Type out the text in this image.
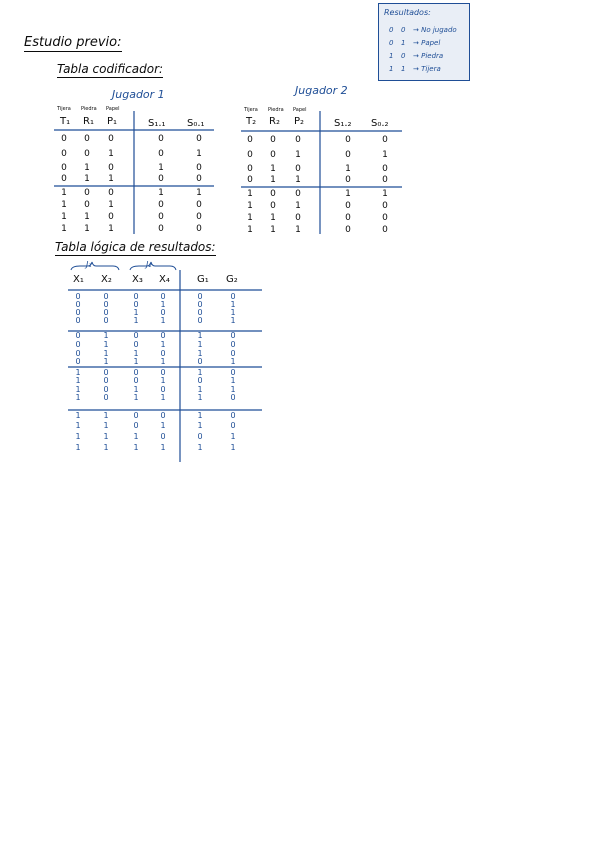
Estudio previo:
Tabla codificador:
Tabla lógica de resultados:
Resultados:
0 0 → No jugado
0 1 → Papel
1 0 → Piedra
1 1 → Tijera
Jugador 1
Tijera Piedra Papel
T₁ R₁ P₁	S₁.₁ S₀.₁
0	0	0	0	0
0	0	1	0	1
0	1	0	1	0
0	1	1	0	0
1	0	0	1	1
1	0	1	0	0
1	1	0	0	0
1	1	1	0	0
Jugador 2
Tijera Piedra Papel
T₂ R₂ P₂	S₁.₂ S₀.₂
0	0	0	0	0
0	0	1	0	1
0	1	0	1	0
0	1	1	0	0
1	0	0	1	1
1	0	1	0	0
1	1	0	0	0
1	1	1	0	0
J₁	J₂
X₁ X₂ X₃ X₄	G₁ G₂
0	0	0	0	0	0
0	0	0	1	0	1
0	0	1	0	0	1
0	0	1	1	0	1
0	1	0	0	1	0
0	1	0	1	1	0
0	1	1	0	1	0
0	1	1	1	0	1
1	0	0	0	1	0
1	0	0	1	0	1
1	0	1	0	1	1
1	0	1	1	1	0
1	1	0	0	1	0
1	1	0	1	1	0
1	1	1	0	0	1
1	1	1	1	1	1
